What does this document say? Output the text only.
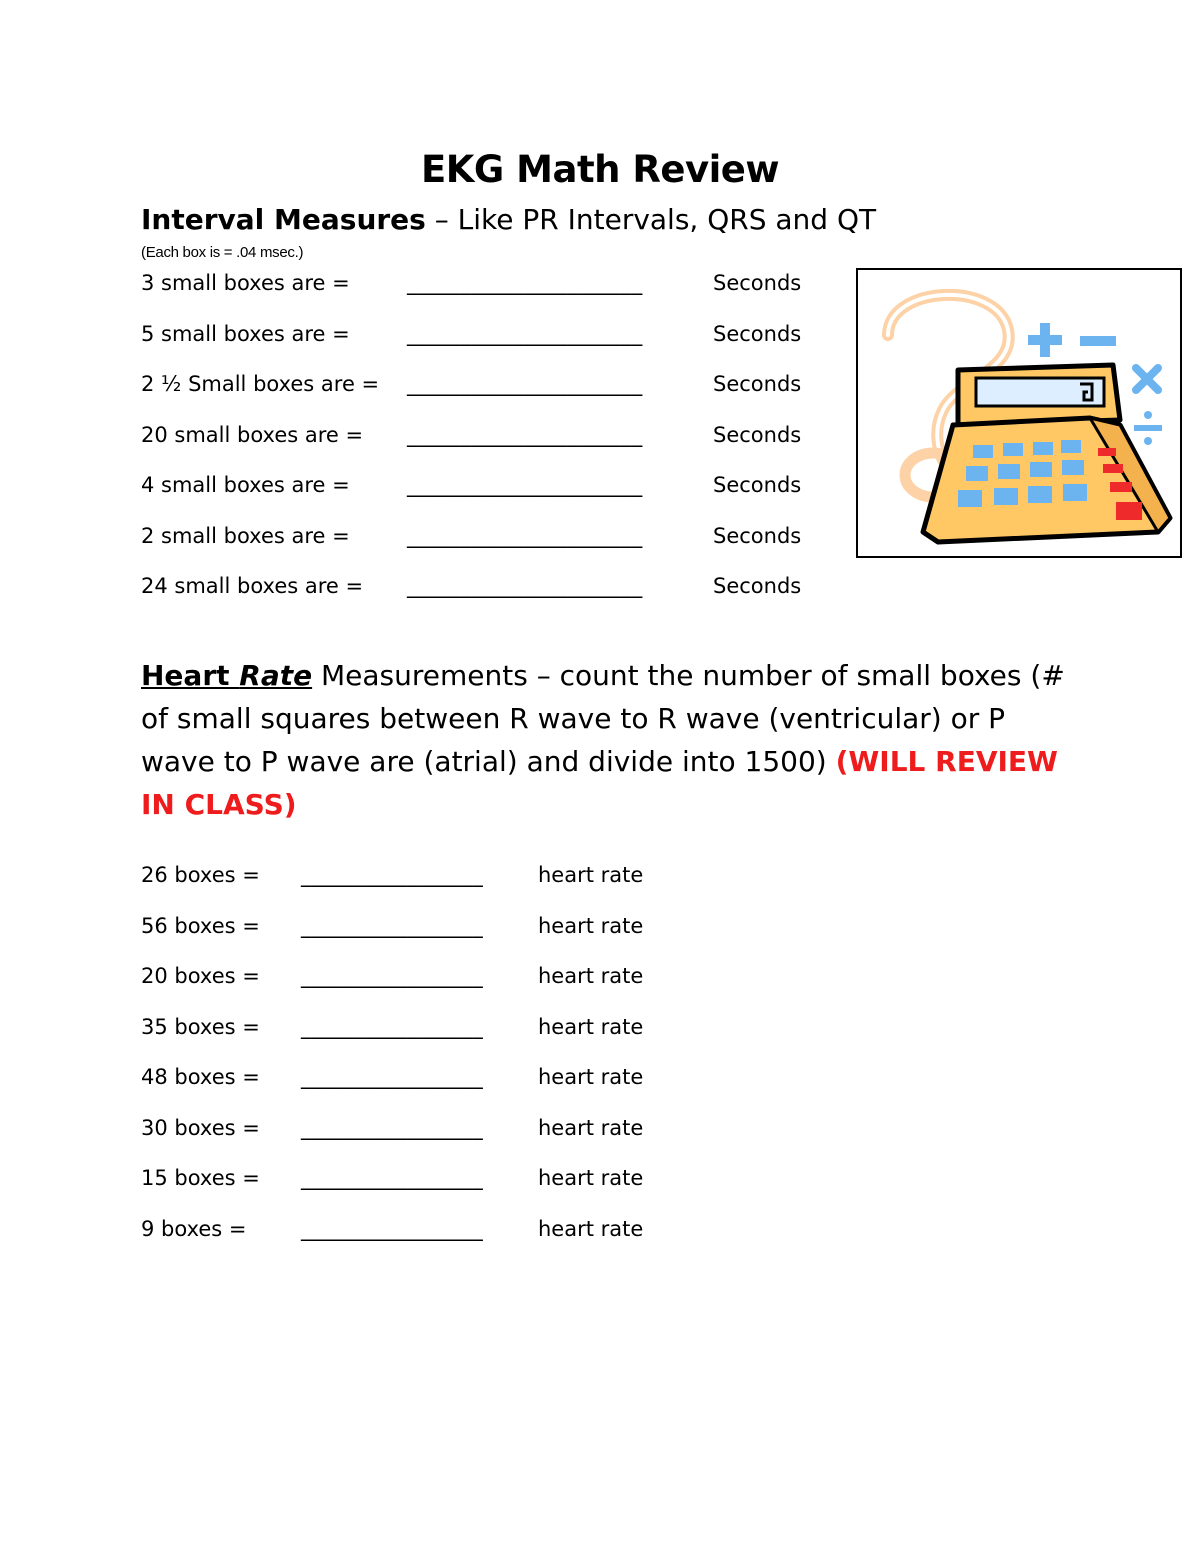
EKG Math Review
Interval Measures – Like PR Intervals, QRS and QT
(Each box is = .04 msec.)
3 small boxes are =	______________________	Seconds
5 small boxes are =	______________________	Seconds
2 ½ Small boxes are = ______________________	Seconds
20 small boxes are = ______________________	Seconds
4 small boxes are =	______________________	Seconds
2 small boxes are =	______________________	Seconds
24 small boxes are = ______________________	Seconds
Heart Rate Measurements – count the number of small boxes (# of small squares between R wave to R wave (ventricular) or P wave to P wave are (atrial) and divide into 1500) (WILL REVIEW IN CLASS)
26 boxes = _________________	heart rate
56 boxes = _________________	heart rate
20 boxes = _________________	heart rate
35 boxes = _________________	heart rate
48 boxes = _________________	heart rate
30 boxes = _________________	heart rate
15 boxes = _________________	heart rate
9 boxes =	_________________	heart rate
